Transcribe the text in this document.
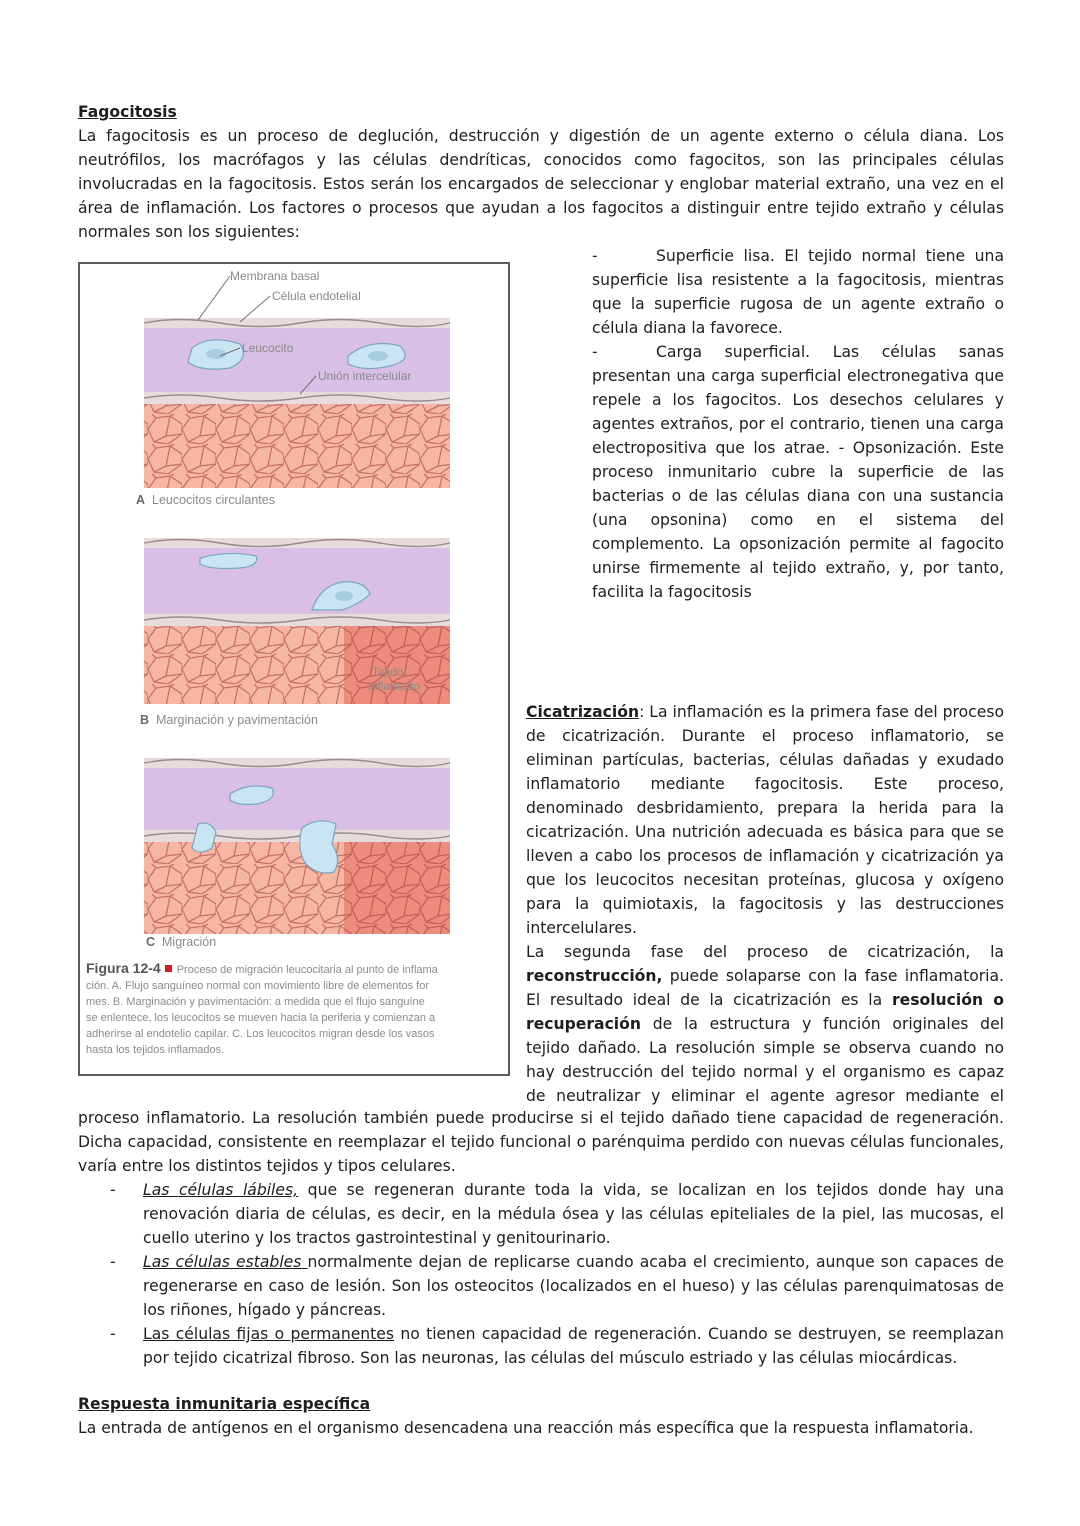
Fagocitosis
La fagocitosis es un proceso de deglución, destrucción y digestión de un agente externo o célula diana. Los neutrófilos, los macrófagos y las células dendríticas, conocidos como fagocitos, son las principales células involucradas en la fagocitosis. Estos serán los encargados de seleccionar y englobar material extraño, una vez en el área de inflamación. Los factores o procesos que ayudan a los fagocitos a distinguir entre tejido extraño y células normales son los siguientes:
-	Superficie lisa. El tejido normal tiene una superficie lisa resistente a la fagocitosis, mientras que la superficie rugosa de un agente extraño o célula diana la favorece.
-	Carga superficial. Las células sanas presentan una carga superficial electronegativa que repele a los fagocitos. Los desechos celulares y agentes extraños, por el contrario, tienen una carga electropositiva que los atrae. - Opsonización. Este proceso inmunitario cubre la superficie de las bacterias o de las células diana con una sustancia (una opsonina) como en el sistema del complemento. La opsonización permite al fagocito unirse firmemente al tejido extraño, y, por tanto, facilita la fagocitosis
Membrana basal
Célula endotelial
Leucocito
Unión intercelular
A Leucocitos circulantes
Tejido
inflamado
B Marginación y pavimentación
C Migración
Figura 12-4 Proceso de migración leucocitaria al punto de inflama
ción. A. Flujo sanguíneo normal con movimiento libre de elementos for
mes. B. Marginación y pavimentación: a medida que el flujo sanguíne
se enlentece, los leucocitos se mueven hacia la periferia y comienzan a
adherirse al endotelio capilar. C. Los leucocitos migran desde los vasos
hasta los tejidos inflamados.
Cicatrización: La inflamación es la primera fase del proceso de cicatrización. Durante el proceso inflamatorio, se eliminan partículas, bacterias, células dañadas y exudado inflamatorio mediante fagocitosis. Este proceso, denominado desbridamiento, prepara la herida para la cicatrización. Una nutrición adecuada es básica para que se lleven a cabo los procesos de inflamación y cicatrización ya que los leucocitos necesitan proteínas, glucosa y oxígeno para la quimiotaxis, la fagocitosis y las destrucciones intercelulares.
La segunda fase del proceso de cicatrización, la reconstrucción, puede solaparse con la fase inflamatoria. El resultado ideal de la cicatrización es la resolución o recuperación de la estructura y función originales del tejido dañado. La resolución simple se observa cuando no hay destrucción del tejido normal y el organismo es capaz de neutralizar y eliminar el agente agresor mediante el
proceso inflamatorio. La resolución también puede producirse si el tejido dañado tiene capacidad de regeneración. Dicha capacidad, consistente en reemplazar el tejido funcional o parénquima perdido con nuevas células funcionales, varía entre los distintos tejidos y tipos celulares.
- Las células lábiles, que se regeneran durante toda la vida, se localizan en los tejidos donde hay una renovación diaria de células, es decir, en la médula ósea y las células epiteliales de la piel, las mucosas, el cuello uterino y los tractos gastrointestinal y genitourinario.
- Las células estables normalmente dejan de replicarse cuando acaba el crecimiento, aunque son capaces de regenerarse en caso de lesión. Son los osteocitos (localizados en el hueso) y las células parenquimatosas de los riñones, hígado y páncreas.
- Las células fijas o permanentes no tienen capacidad de regeneración. Cuando se destruyen, se reemplazan por tejido cicatrizal fibroso. Son las neuronas, las células del músculo estriado y las células miocárdicas.
Respuesta inmunitaria específica
La entrada de antígenos en el organismo desencadena una reacción más específica que la respuesta inflamatoria.
